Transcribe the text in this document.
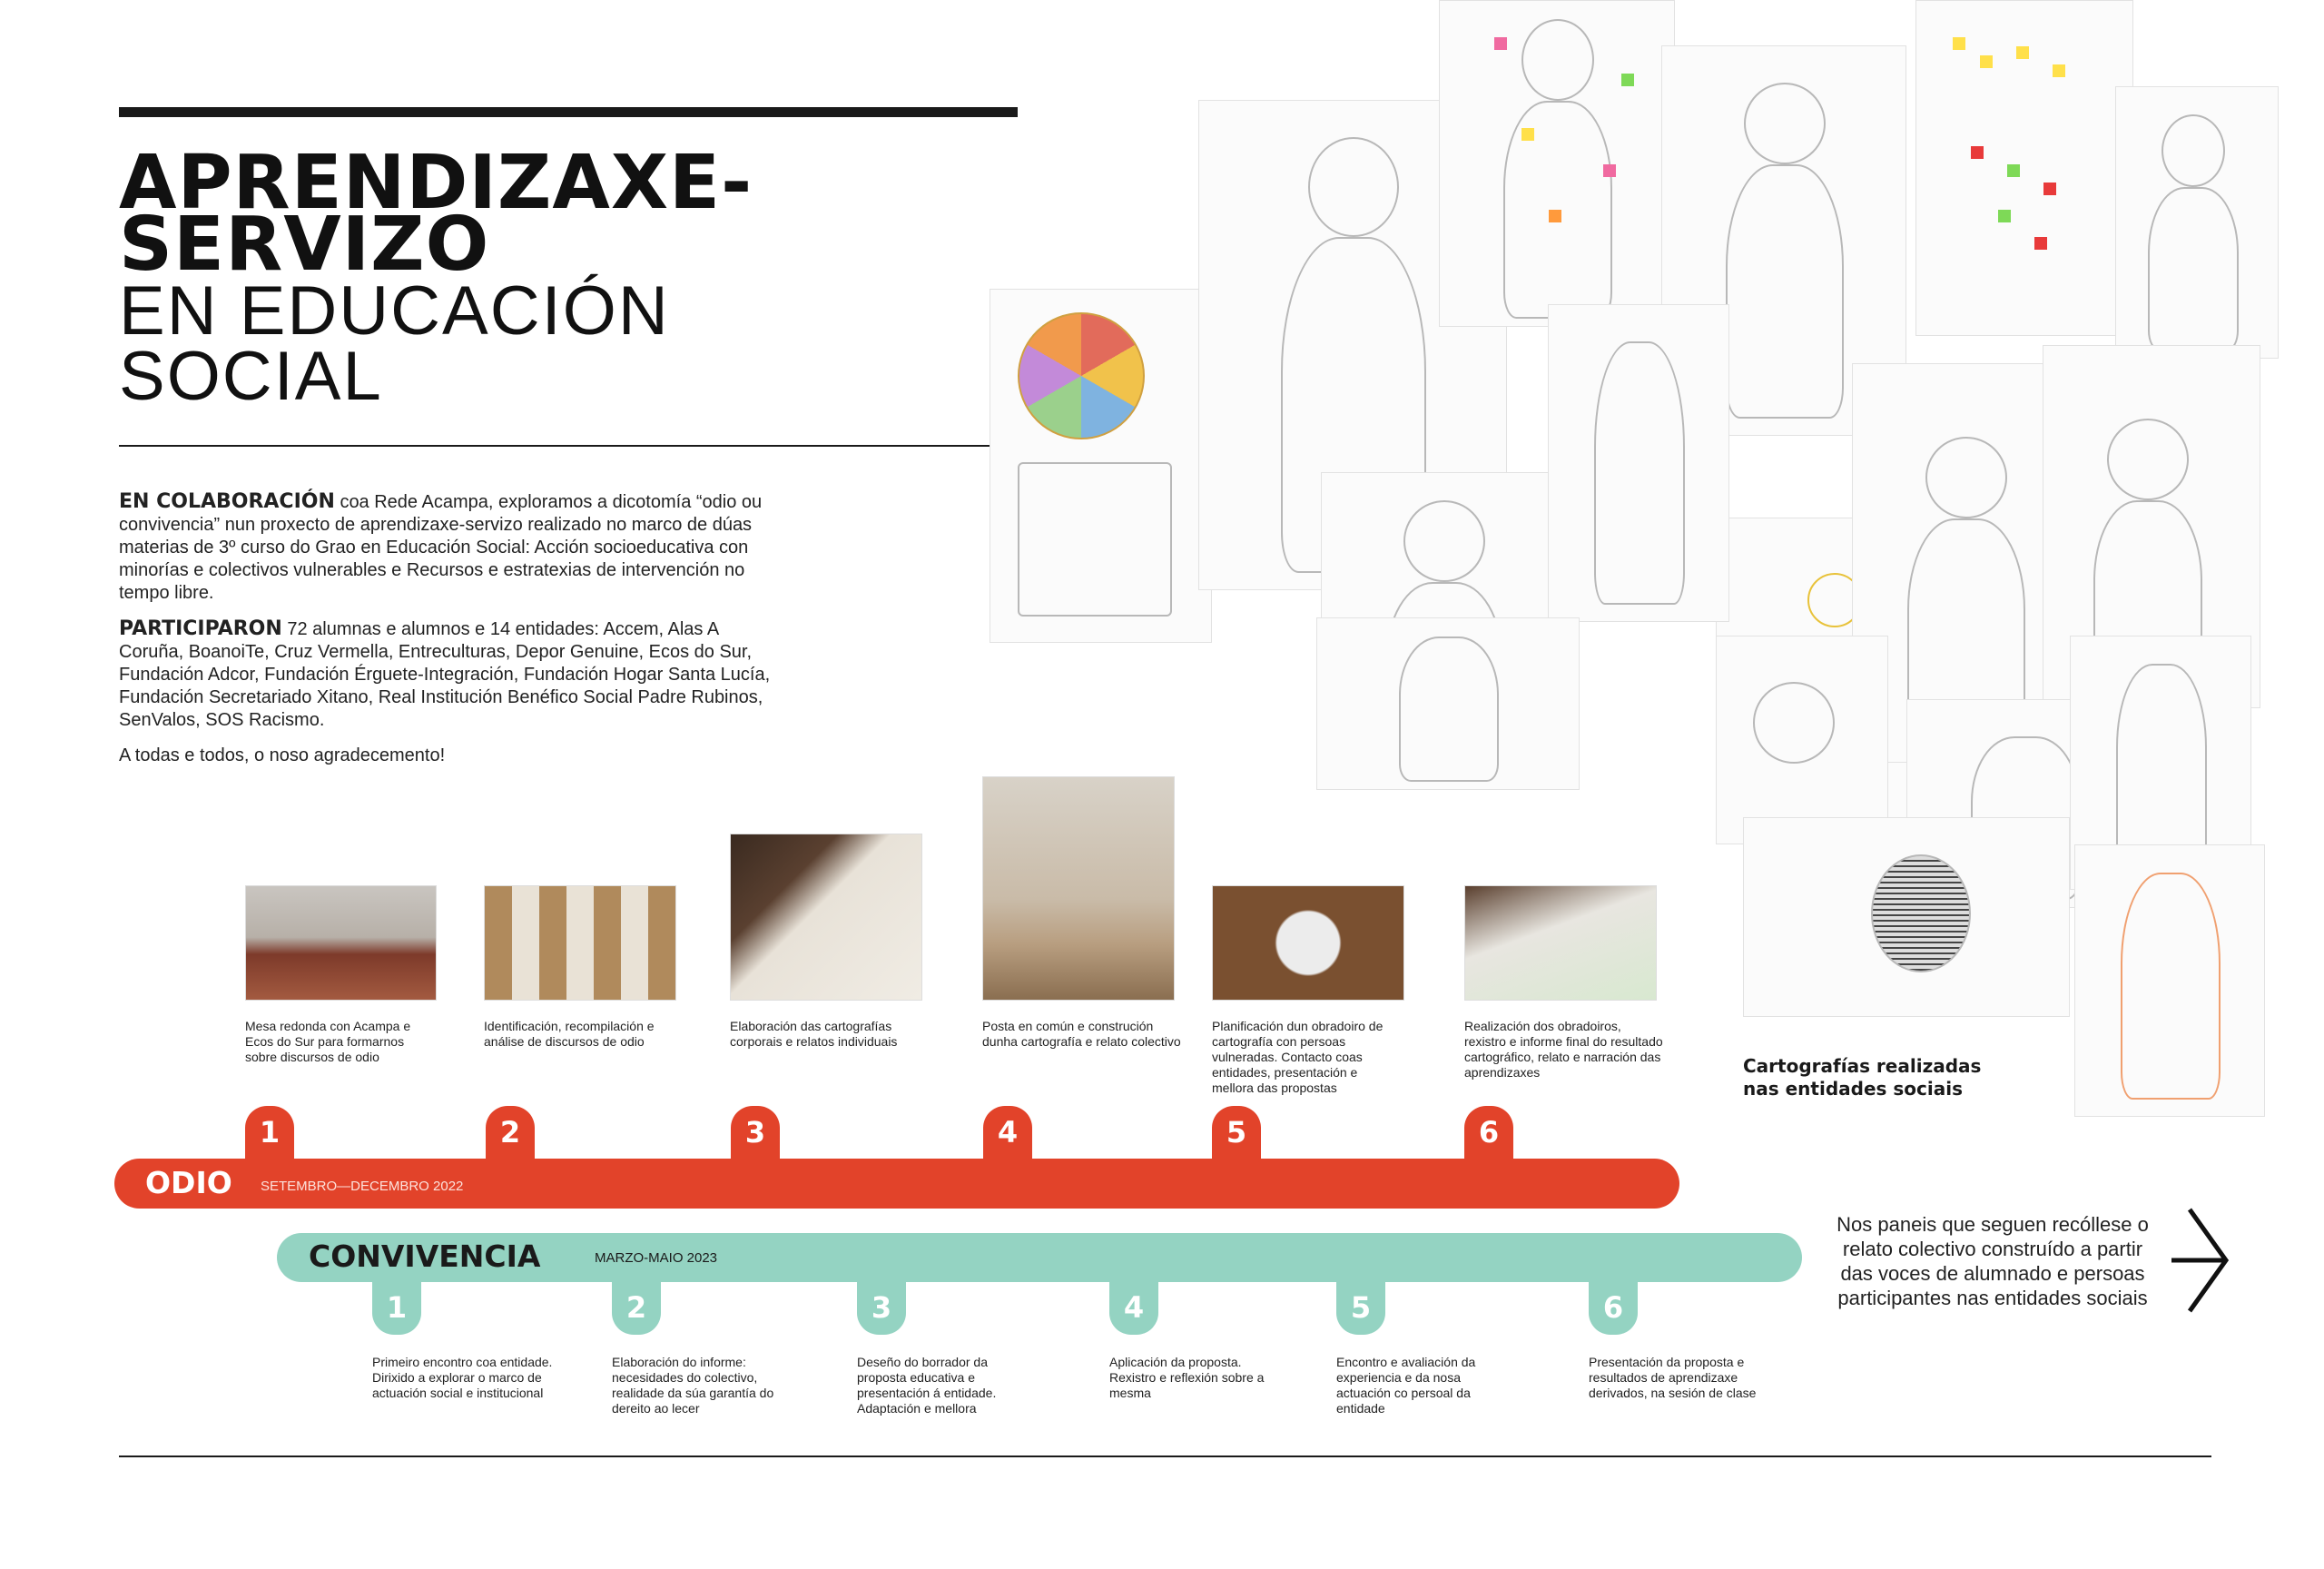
APRENDIZAXE-
SERVIZO
EN EDUCACIÓN
SOCIAL
EN COLABORACIÓN coa Rede Acampa, exploramos a dicotomía “odio ou convivencia” nun proxecto de aprendizaxe-servizo realizado no marco de dúas materias de 3º curso do Grao en Educación Social: Acción socioeducativa con minorías e colectivos vulnerables e Recursos e estratexias de intervención no tempo libre.
PARTICIPARON 72 alumnas e alumnos e 14 entidades: Accem, Alas A Coruña, BoanoiTe, Cruz Vermella, Entreculturas, Depor Genuine, Ecos do Sur, Fundación Adcor, Fundación Érguete-Integración, Fundación Hogar Santa Lucía, Fundación Secretariado Xitano, Real Institución Benéfico Social Padre Rubinos, SenValos, SOS Racismo.
A todas e todos, o noso agradecemento!
Cartografías realizadas nas entidades sociais
Mesa redonda con Acampa e Ecos do Sur para formarnos sobre discursos de odio
Identificación, recompilación e análise de discursos de odio
Elaboración das cartografías corporais e relatos individuais
Posta en común e construción dunha cartografía e relato colectivo
Planificación dun obradoiro de cartografía con persoas vulneradas. Contacto coas entidades, presentación e mellora das propostas
Realización dos obradoiros, rexistro e informe final do resultado cartográfico, relato e narración das aprendizaxes
1	2	3	4	5	6
ODIO SETEMBRO—DECEMBRO 2022
CONVIVENCIA	MARZO-MAIO 2023
1	2	3	4	5	6
Primeiro encontro coa entidade. Dirixido a explorar o marco de actuación social e institucional
Elaboración do informe: necesidades do colectivo, realidade da súa garantía do dereito ao lecer
Deseño do borrador da proposta educativa e presentación á entidade. Adaptación e mellora
Aplicación da proposta. Rexistro e reflexión sobre a mesma
Encontro e avaliación da experiencia e da nosa actuación co persoal da entidade
Presentación da proposta e resultados de aprendizaxe derivados, na sesión de clase
Nos paneis que seguen recóllese o relato colectivo construído a partir das voces de alumnado e persoas participantes nas entidades sociais
